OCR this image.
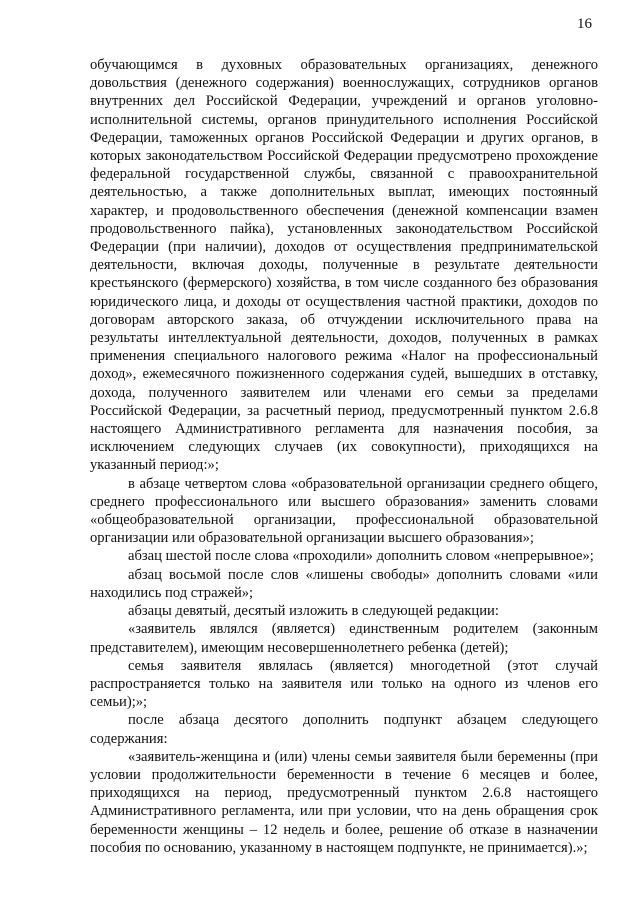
16

обучающимся в духовных образовательных организациях, денежного довольствия (денежного содержания) военнослужащих, сотрудников органов внутренних дел Российской Федерации, учреждений и органов уголовно-исполнительной системы, органов принудительного исполнения Российской Федерации, таможенных органов Российской Федерации и других органов, в которых законодательством Российской Федерации предусмотрено прохождение федеральной государственной службы, связанной с правоохранительной деятельностью, а также дополнительных выплат, имеющих постоянный характер, и продовольственного обеспечения (денежной компенсации взамен продовольственного пайка), установленных законодательством Российской Федерации (при наличии), доходов от осуществления предпринимательской деятельности, включая доходы, полученные в результате деятельности крестьянского (фермерского) хозяйства, в том числе созданного без образования юридического лица, и доходы от осуществления частной практики, доходов по договорам авторского заказа, об отчуждении исключительного права на результаты интеллектуальной деятельности, доходов, полученных в рамках применения специального налогового режима «Налог на профессиональный доход», ежемесячного пожизненного содержания судей, вышедших в отставку, дохода, полученного заявителем или членами его семьи за пределами Российской Федерации, за расчетный период, предусмотренный пунктом 2.6.8 настоящего Административного регламента для назначения пособия, за исключением следующих случаев (их совокупности), приходящихся на указанный период:»;

в абзаце четвертом слова «образовательной организации среднего общего, среднего профессионального или высшего образования» заменить словами «общеобразовательной организации, профессиональной образовательной организации или образовательной организации высшего образования»;

абзац шестой после слова «проходили» дополнить словом «непрерывное»;

абзац восьмой после слов «лишены свободы» дополнить словами «или находились под стражей»;

абзацы девятый, десятый изложить в следующей редакции:

«заявитель являлся (является) единственным родителем (законным представителем), имеющим несовершеннолетнего ребенка (детей);

семья заявителя являлась (является) многодетной (этот случай распространяется только на заявителя или только на одного из членов его семьи);»;

после абзаца десятого дополнить подпункт абзацем следующего содержания:

«заявитель-женщина и (или) члены семьи заявителя были беременны (при условии продолжительности беременности в течение 6 месяцев и более, приходящихся на период, предусмотренный пунктом 2.6.8 настоящего Административного регламента, или при условии, что на день обращения срок беременности женщины – 12 недель и более, решение об отказе в назначении пособия по основанию, указанному в настоящем подпункте, не принимается).»;
